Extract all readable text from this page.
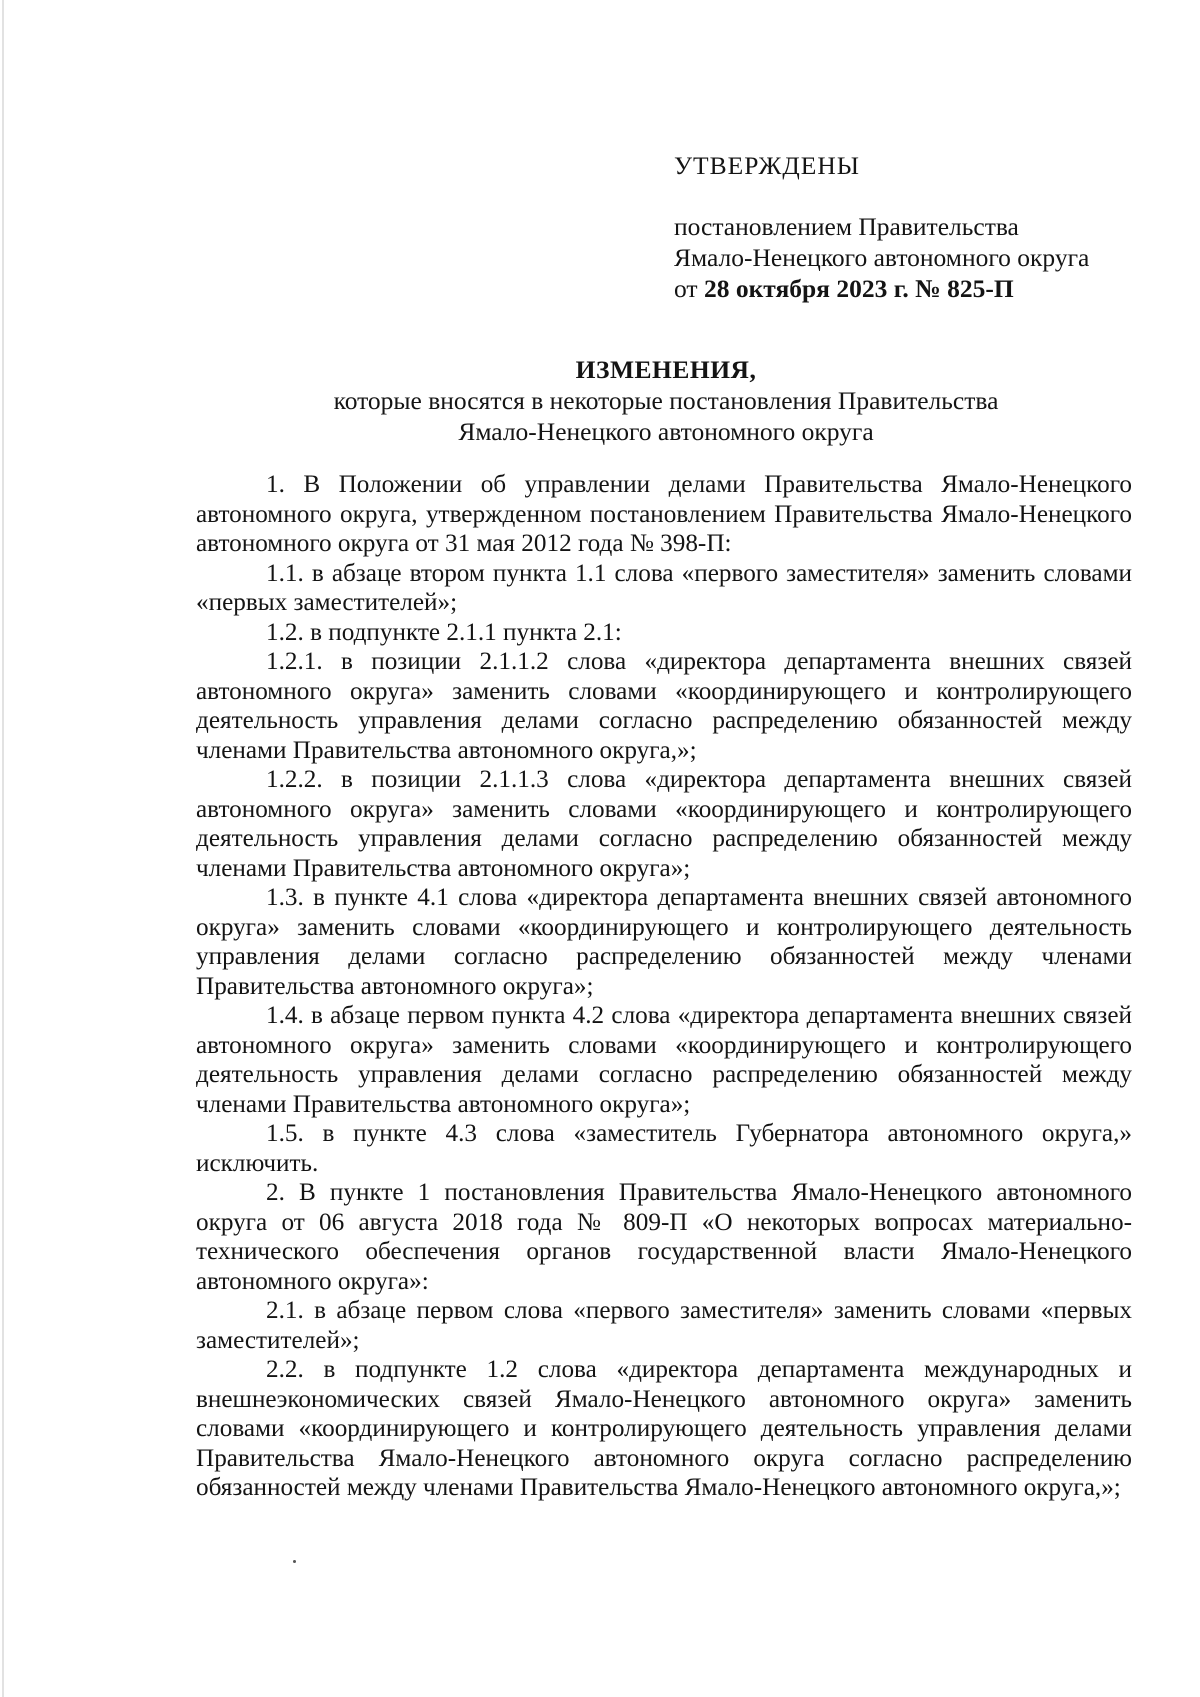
УТВЕРЖДЕНЫ
постановлением Правительства
Ямало-Ненецкого автономного округа
от 28 октября 2023 г. № 825-П
ИЗМЕНЕНИЯ,
которые вносятся в некоторые постановления Правительства
Ямало-Ненецкого автономного округа

1. В Положении об управлении делами Правительства Ямало-Ненецкого автономного округа, утвержденном постановлением Правительства Ямало-Ненецкого автономного округа от 31 мая 2012 года № 398-П:

1.1. в абзаце втором пункта 1.1 слова «первого заместителя» заменить словами «первых заместителей»;

1.2. в подпункте 2.1.1 пункта 2.1:

1.2.1. в позиции 2.1.1.2 слова «директора департамента внешних связей автономного округа» заменить словами «координирующего и контролирующего деятельность управления делами согласно распределению обязанностей между членами Правительства автономного округа,»;

1.2.2. в позиции 2.1.1.3 слова «директора департамента внешних связей автономного округа» заменить словами «координирующего и контролирующего деятельность управления делами согласно распределению обязанностей между членами Правительства автономного округа»;

1.3. в пункте 4.1 слова «директора департамента внешних связей автономного округа» заменить словами «координирующего и контролирующего деятельность управления делами согласно распределению обязанностей между членами Правительства автономного округа»;

1.4. в абзаце первом пункта 4.2 слова «директора департамента внешних связей автономного округа» заменить словами «координирующего и контролирующего деятельность управления делами согласно распределению обязанностей между членами Правительства автономного округа»;

1.5. в пункте 4.3 слова «заместитель Губернатора автономного округа,» исключить.

2. В пункте 1 постановления Правительства Ямало-Ненецкого автономного округа от 06 августа 2018 года № 809-П «О некоторых вопросах материально-технического обеспечения органов государственной власти Ямало-Ненецкого автономного округа»:

2.1. в абзаце первом слова «первого заместителя» заменить словами «первых заместителей»;

2.2. в подпункте 1.2 слова «директора департамента международных и внешнеэкономических связей Ямало-Ненецкого автономного округа» заменить словами «координирующего и контролирующего деятельность управления делами Правительства Ямало-Ненецкого автономного округа согласно распределению обязанностей между членами Правительства Ямало-Ненецкого автономного округа,»;
